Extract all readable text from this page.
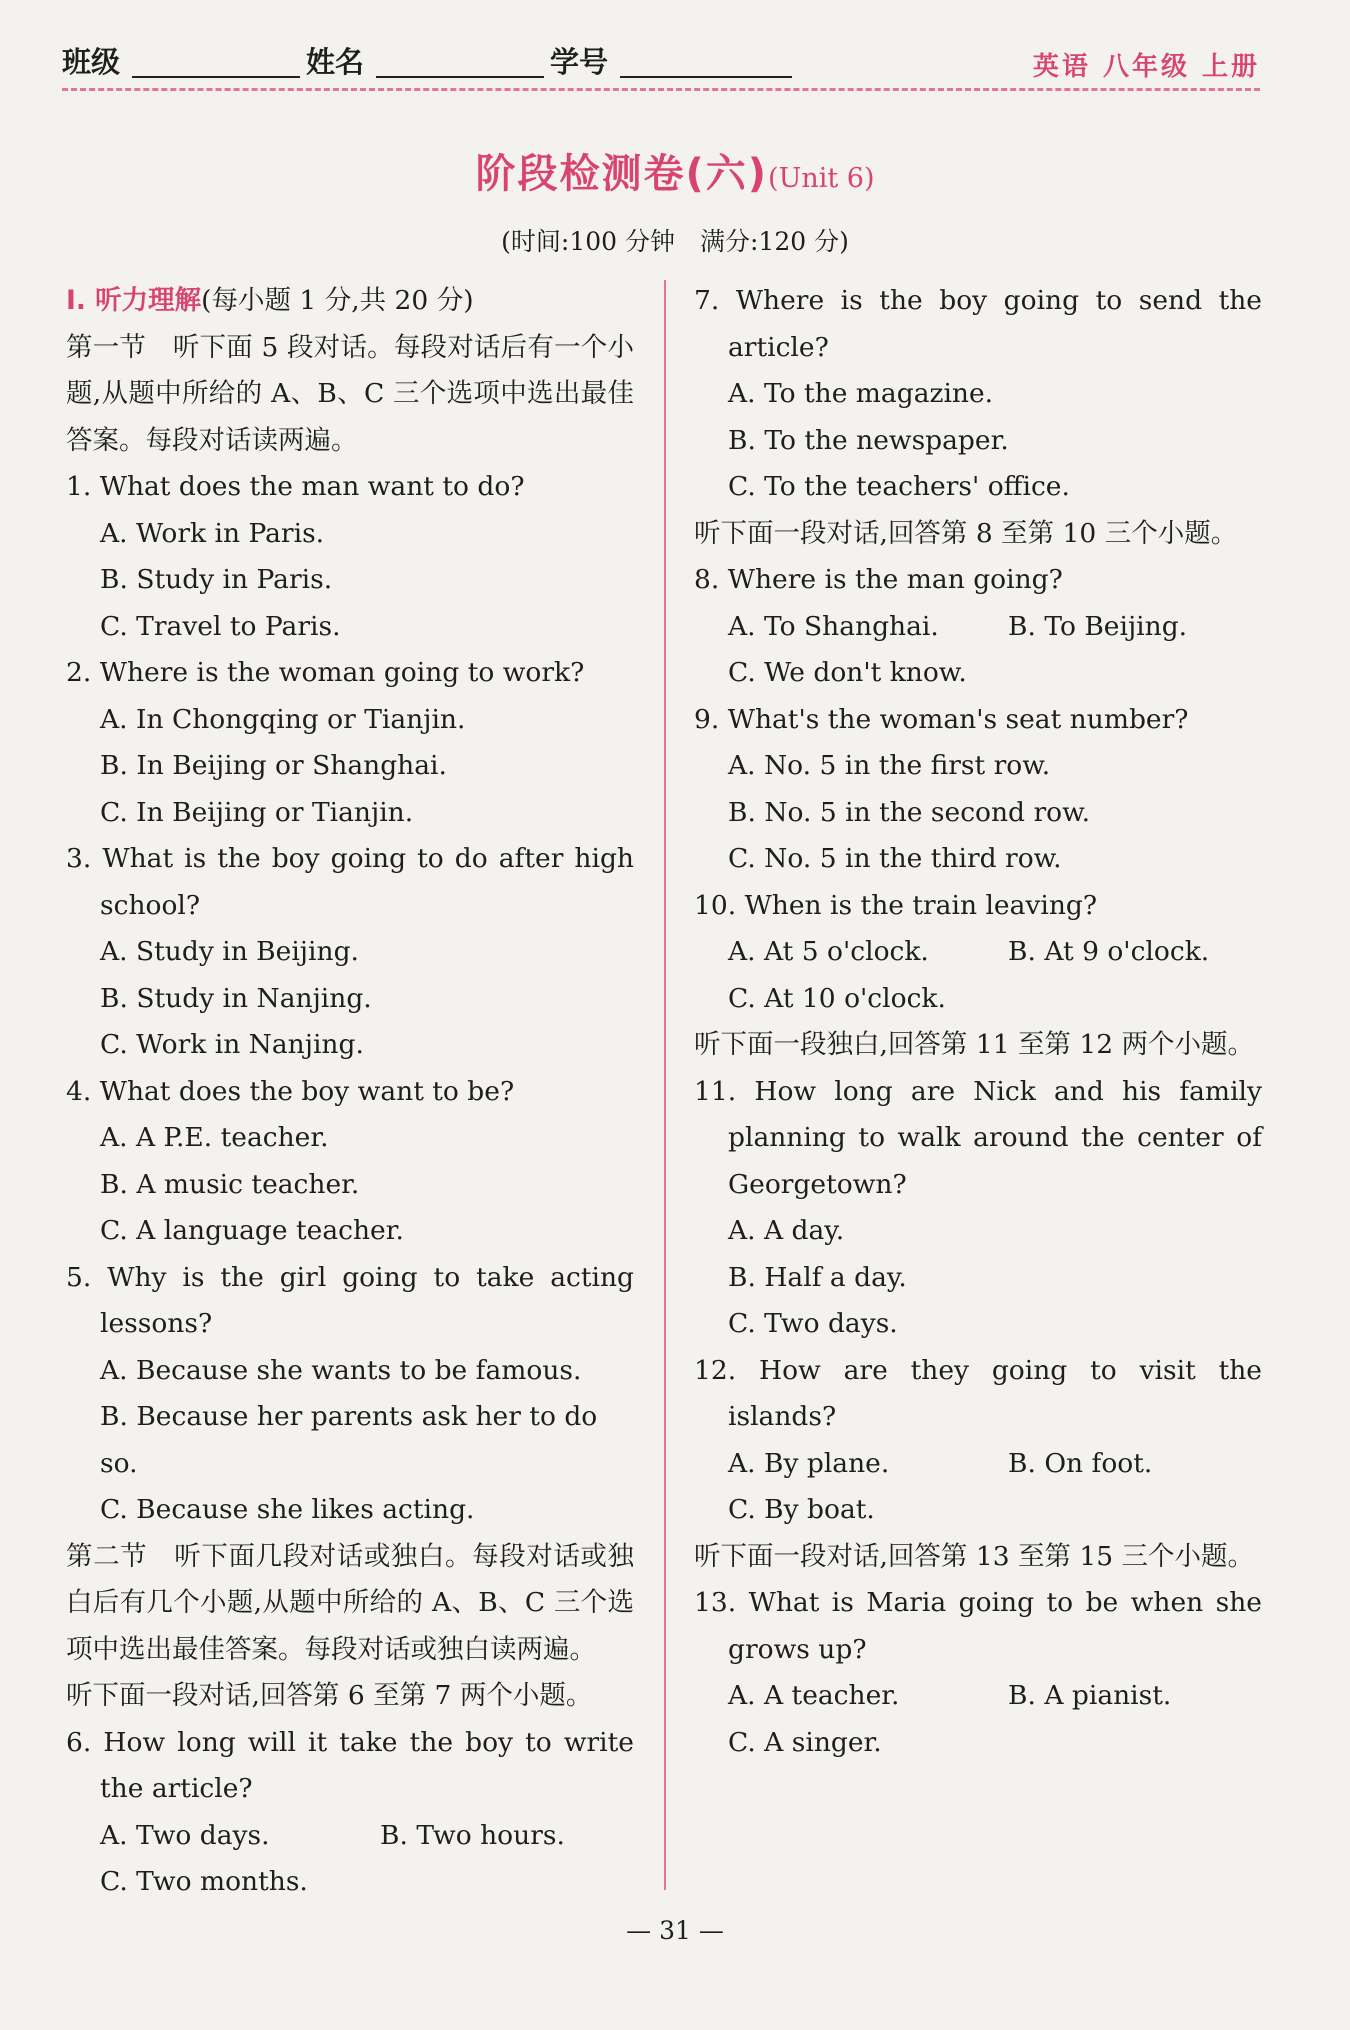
班级	姓名	学号	英语 八年级 上册
阶段检测卷(六)(Unit 6)
(时间:100 分钟　满分:120 分)

Ⅰ. 听力理解(每小题 1 分,共 20 分)

第一节　听下面 5 段对话。每段对话后有一个小题,从题中所给的 A、B、C 三个选项中选出最佳答案。每段对话读两遍。

1. What does the man want to do?

A. Work in Paris.

B. Study in Paris.

C. Travel to Paris.

2. Where is the woman going to work?

A. In Chongqing or Tianjin.

B. In Beijing or Shanghai.

C. In Beijing or Tianjin.

3. What is the boy going to do after high school?

A. Study in Beijing.

B. Study in Nanjing.

C. Work in Nanjing.

4. What does the boy want to be?

A. A P.E. teacher.

B. A music teacher.

C. A language teacher.

5. Why is the girl going to take acting lessons?

A. Because she wants to be famous.

B. Because her parents ask her to do so.

C. Because she likes acting.

第二节　听下面几段对话或独白。每段对话或独白后有几个小题,从题中所给的 A、B、C 三个选项中选出最佳答案。每段对话或独白读两遍。

听下面一段对话,回答第 6 至第 7 两个小题。

6. How long will it take the boy to write the article?

A. Two days.	B. Two hours.

C. Two months.

7. Where is the boy going to send the article?

A. To the magazine.

B. To the newspaper.

C. To the teachers' office.

听下面一段对话,回答第 8 至第 10 三个小题。

8. Where is the man going?

A. To Shanghai.	B. To Beijing.

C. We don't know.

9. What's the woman's seat number?

A. No. 5 in the first row.

B. No. 5 in the second row.

C. No. 5 in the third row.

10. When is the train leaving?

A. At 5 o'clock.	B. At 9 o'clock.

C. At 10 o'clock.

听下面一段独白,回答第 11 至第 12 两个小题。

11. How long are Nick and his family planning to walk around the center of Georgetown?

A. A day.

B. Half a day.

C. Two days.

12. How are they going to visit the islands?

A. By plane.	B. On foot.

C. By boat.

听下面一段对话,回答第 13 至第 15 三个小题。

13. What is Maria going to be when she grows up?

A. A teacher.	B. A pianist.

C. A singer.

— 31 —
